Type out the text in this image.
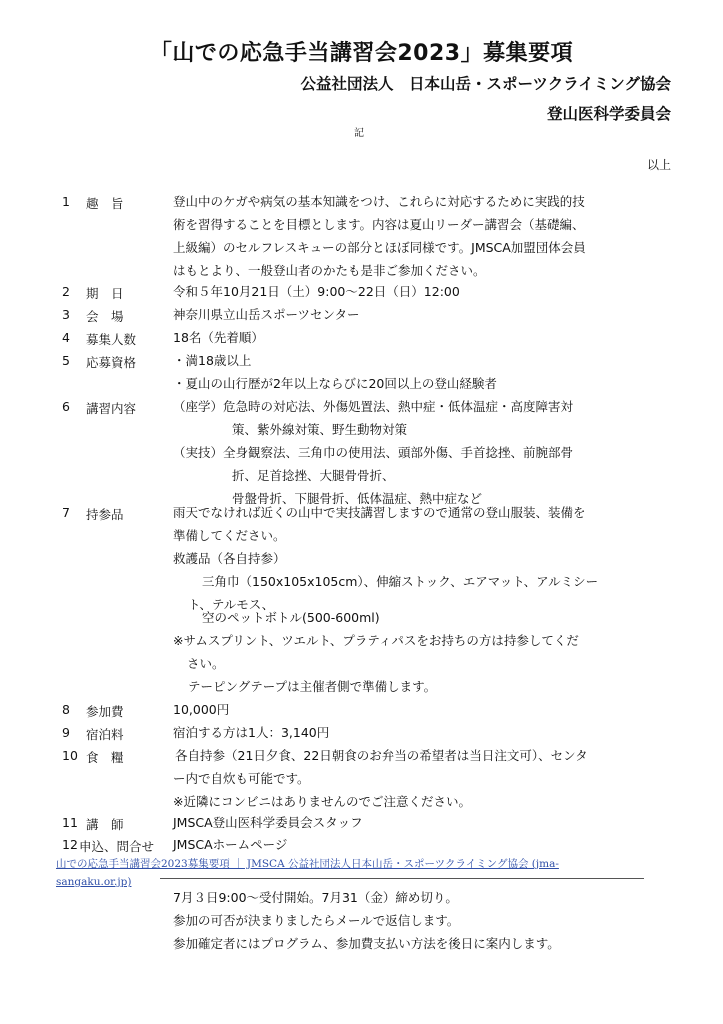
「山での応急手当講習会2023」募集要項
公益社団法人　日本山岳・スポーツクライミング協会
登山医科学委員会
記
以上
1 趣　旨	登山中のケガや病気の基本知識をつけ、これらに対応するために実践的技
術を習得することを目標とします。内容は夏山リーダー講習会（基礎編、
上級編）のセルフレスキューの部分とほぼ同様です。JMSCA加盟団体会員
はもとより、一般登山者のかたも是非ご参加ください。
2 期　日	令和５年10月21日（土）9:00～22日（日）12:00
3 会　場	神奈川県立山岳スポーツセンター
4 募集人数	18名（先着順）
5 応募資格	・満18歳以上
・夏山の山行歴が2年以上ならびに20回以上の登山経験者
6 講習内容	（座学）危急時の対応法、外傷処置法、熱中症・低体温症・高度障害対
策、紫外線対策、野生動物対策
（実技）全身観察法、三角巾の使用法、頭部外傷、手首捻挫、前腕部骨
折、足首捻挫、大腿骨骨折、
骨盤骨折、下腿骨折、低体温症、熱中症など
7 持参品	雨天でなければ近くの山中で実技講習しますので通常の登山服装、装備を
準備してください。
救護品（各自持参）
三角巾（150x105x105cm）、伸縮ストック、エアマット、アルミシー
ト、テルモス、
空のペットボトル(500-600ml)
※サムスプリント、ツエルト、プラティパスをお持ちの方は持参してくだ
さい。
テーピングテープは主催者側で準備します。
8 参加費	10,000円
9 宿泊料	宿泊する方は1人：3,140円
10 食　糧	各自持参（21日夕食、22日朝食のお弁当の希望者は当日注文可）、センタ
ー内で自炊も可能です。
※近隣にコンビニはありませんのでご注意ください。
11 講　師	JMSCA登山医科学委員会スタッフ
12 申込、問合せ JMSCAホームページ
山での応急手当講習会2023募集要項 ｜ JMSCA 公益社団法人日本山岳・スポーツクライミング協会 (jma-
sangaku.or.jp)
7月３日9:00～受付開始。7月31（金）締め切り。
参加の可否が決まりましたらメールで返信します。
参加確定者にはプログラム、参加費支払い方法を後日に案内します。
